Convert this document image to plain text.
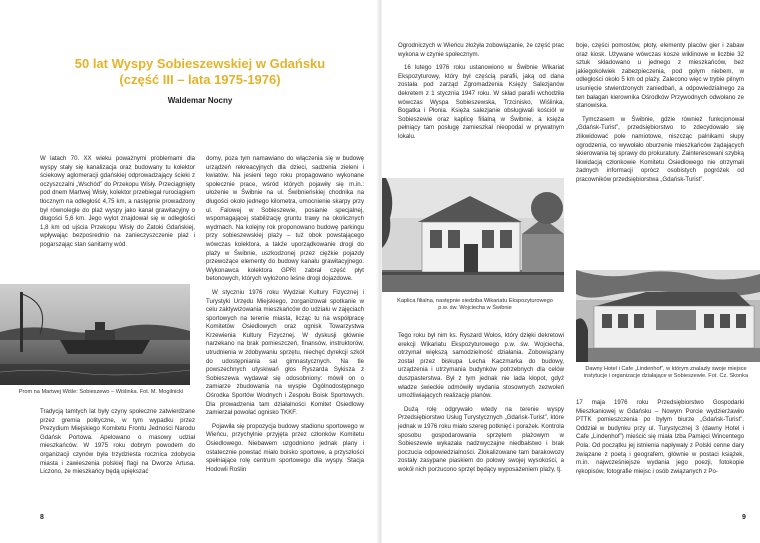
50 lat Wyspy Sobieszewskiej w Gdańsku
(część III – lata 1975-1976)
Waldemar Nocny

W latach 70. XX wieku poważnymi problemami dla wyspy stały się kanalizacja oraz budowany tu kolektor ściekowy aglomeracji gdańskiej odprowadzający ścieki z oczyszczalni „Wschód” do Przekopu Wisły. Przeciągnięty pod dnem Martwej Wisły, kolektor przebiegał rurociągiem tłocznym na odległość 4,75 km, a następnie prowadzony był równolegle do plaż wyspy jako kanał grawitacyjny o długości 5,6 km. Jego wylot znajdował się w odległości 1,8 km od ujścia Przekopu Wisły do Zatoki Gdańskiej, wpływając bezpośrednio na zanieczyszczenie plaż i pogarszając stan sanitarny wód.

Prom na Martwej Wiśle: Sobieszewo – Wiślinka. Fot. M. Mogilnicki

Tradycją tamtych lat były czyny społeczne zatwierdzane przez gremia polityczne, w tym wypadku przez Prezydium Miejskiego Komitetu Frontu Jedności Narodu Gdańsk Portowa. Apelowano o masowy udział mieszkańców. W 1975 roku dobrym powodem do organizacji czynów była trzydziesta rocznica zdobycia miasta i zawieszenia polskiej flagi na Dworze Artusa. Liczono, że mieszkańcy będą upiększać

domy, poza tym namawiano do włączenia się w budowę urządzeń rekreacyjnych dla dzieci, sadzenia zieleni i kwiatów. Na jesieni tego roku propagowano wykonane społecznie prace, wśród których pojawiły się m.in.: ułożenie w Świbnie na ul. Świbnieńskiej chodnika na długości około jednego kilometra, umocnienie skarpy przy ul. Falowej w Sobieszewie, posianie specjalnej, wspomagającej stabilizację gruntu trawy na okolicznych wydmach. Na kolejny rok proponowano budowę parkingu przy sobieszewskiej plaży – tuż obok powstającego wówczas kolektora, a także uporządkowanie drogi do plaży w Świbnie, uszkodzonej przez ciężkie pojazdy przewożące elementy do budowy kanału grawitacyjnego. Wykonawca kolektora GPRI zabrał część płyt betonowych, których wyłożono leśne drogi dojazdowe.

W styczniu 1976 roku Wydział Kultury Fizycznej i Turystyki Urzędu Miejskiego, zorganizował spotkanie w celu zaktywizowania mieszkańców do udziału w zajęciach sportowych na terenie miasta, licząc tu na współpracę Komitetów Osiedlowych oraz ognisk Towarzystwa Krzewienia Kultury Fizycznej. W dyskusji głównie narzekano na brak pomieszczeń, finansów, instruktorów, utrudnienia w zdobywaniu sprzętu, niechęć dyrekcji szkół do udostępniania sal gimnastycznych. Na tle powszechnych utyskiwań głos Ryszarda Sykisza z Sobieszewa wydawał się odosobniony: mówił on o zamiarze zbudowania na wyspie Ogólnodostępnego Ośrodka Sportów Wodnych i Zespołu Boisk Sportowych. Dla prowadzenia tam działalności Komitet Osiedlowy zamierzał powołać ognisko TKKF.

Pojawiła się propozycja budowy stadionu sportowego w Wieńcu, przychylnie przyjęta przez członków Komitetu Osiedlowego. Niebawem uzgodniono jednak plany i ostatecznie powstać miało boisko sportowe, a przyszłości spełniające rolę centrum sportowego dla wyspy. Stacja Hodowli Roślin

8

Ogrodniczych w Wieńcu złożyła zobowiązanie, że część prac wykona w czynie społecznym.

16 lutego 1976 roku ustanowiono w Świbnie Wikariat Ekspozyturowy, który był częścią parafii, jaką od dana została pod zarząd Zgromadzenia Księży Salezjanów dekretem z 1 stycznia 1947 roku. W skład parafii wchodziła wówczas Wyspa Sobieszewska, Trzcinisko, Wiślinka, Bogatka i Płonia. Księża salezjanie obsługiwali kościół w Sobieszewie oraz kaplicę filialną w Świbnie, a księża pełniący tam posługę zamieszkał nieopodal w prywatnym lokalu.

Kaplica filialna, następnie siedziba Wikariatu Ekspozyturowego p.w. św. Wojciecha w Świbnie

Tego roku był nim ks. Ryszard Wołos, który dzięki dekretowi erekcji Wikariatu Ekspozyturowego p.w. św. Wojciecha, otrzymał większą samodzielność działania. Zobowiązany został przez biskupa Lecha Kaczmarka do budowy, urządzenia i utrzymania budynków potrzebnych dla celów duszpasterstwa. Był z tym jednak nie lada kłopot, gdyż władze świeckie odmówiły wydania stosownych zezwoleń umożliwiających realizację planów.

Dużą rolę odgrywało wtedy na terenie wyspy Przedsiębiorstwo Usług Turystycznych „Gdańsk-Turist”, które jednak w 1976 roku miało szereg potknięć i porażek. Kontrola sposobu gospodarowania sprzętem plażowym w Sobieszewie wykazała nadzwyczajne niedbałstwo i brak poczucia odpowiedzialności. Zlokalizowane tam barakowozy zostały zasypane piaskiem do połowy swojej wysokości, a wokół nich porzucono sprzęt będący wyposażeniem plaży, tj.

boje, części pomostów, płoty, elementy placów gier i zabaw oraz kiosk. Używane wówczas kosze wiklinowe w liczbie 32 sztuk składowano u jednego z mieszkańców, bez jakiegokolwiek zabezpieczenia, pod gołym niebem, w odległości około 5 km od plaży. Zalecono więc w trybie pilnym usunięcie stwierdzonych zaniedbań, a odpowiedzialnego za ten bałagan kierownika Ośrodków Przywodnych odwołano ze stanowiska.

Tymczasem w Świbnie, gdzie również funkcjonował „Gdańsk-Turist”, przedsiębiorstwo to zdecydowało się zlikwidować pole namiotowe, niszcząc palnikami słupy ogrodzenia, co wywołało oburzenie mieszkańców żądających skierowania tej sprawy do prokuratury. Zainteresowani szybką likwidacją członkowie Komitetu Osiedlowego nie otrzymali żadnych informacji oprócz osobistych pogróżek od pracowników przedsiębiorstwa „Gdańsk-Turist”.

Dawny Hotel i Cafe „Lindenhof”, w którym znalazły swoje miejsce instytucje i organizacje działające w Sobieszewie. Fot. Cz. Skonka

17 maja 1976 roku Przedsiębiorstwo Gospodarki Mieszkaniowej w Gdańsku – Nowym Porcie wydzierżawiło PTTK pomieszczenia po byłym biurze „Gdańsk-Turist”. Oddział w budynku przy ul. Turystycznej 3 (dawny Hotel i Cafe „Lindenhof”) mieścić się miała Izba Pamięci Wincentego Pola. Od początku jej istnienia napływały z Polski cenne dary związane z poetą i geografem, głównie w postaci książek, m.in. najwcześniejsze wydania jego poezji, fotokopie rękopisów, fotografie miejsc i osób związanych z Po-

9
